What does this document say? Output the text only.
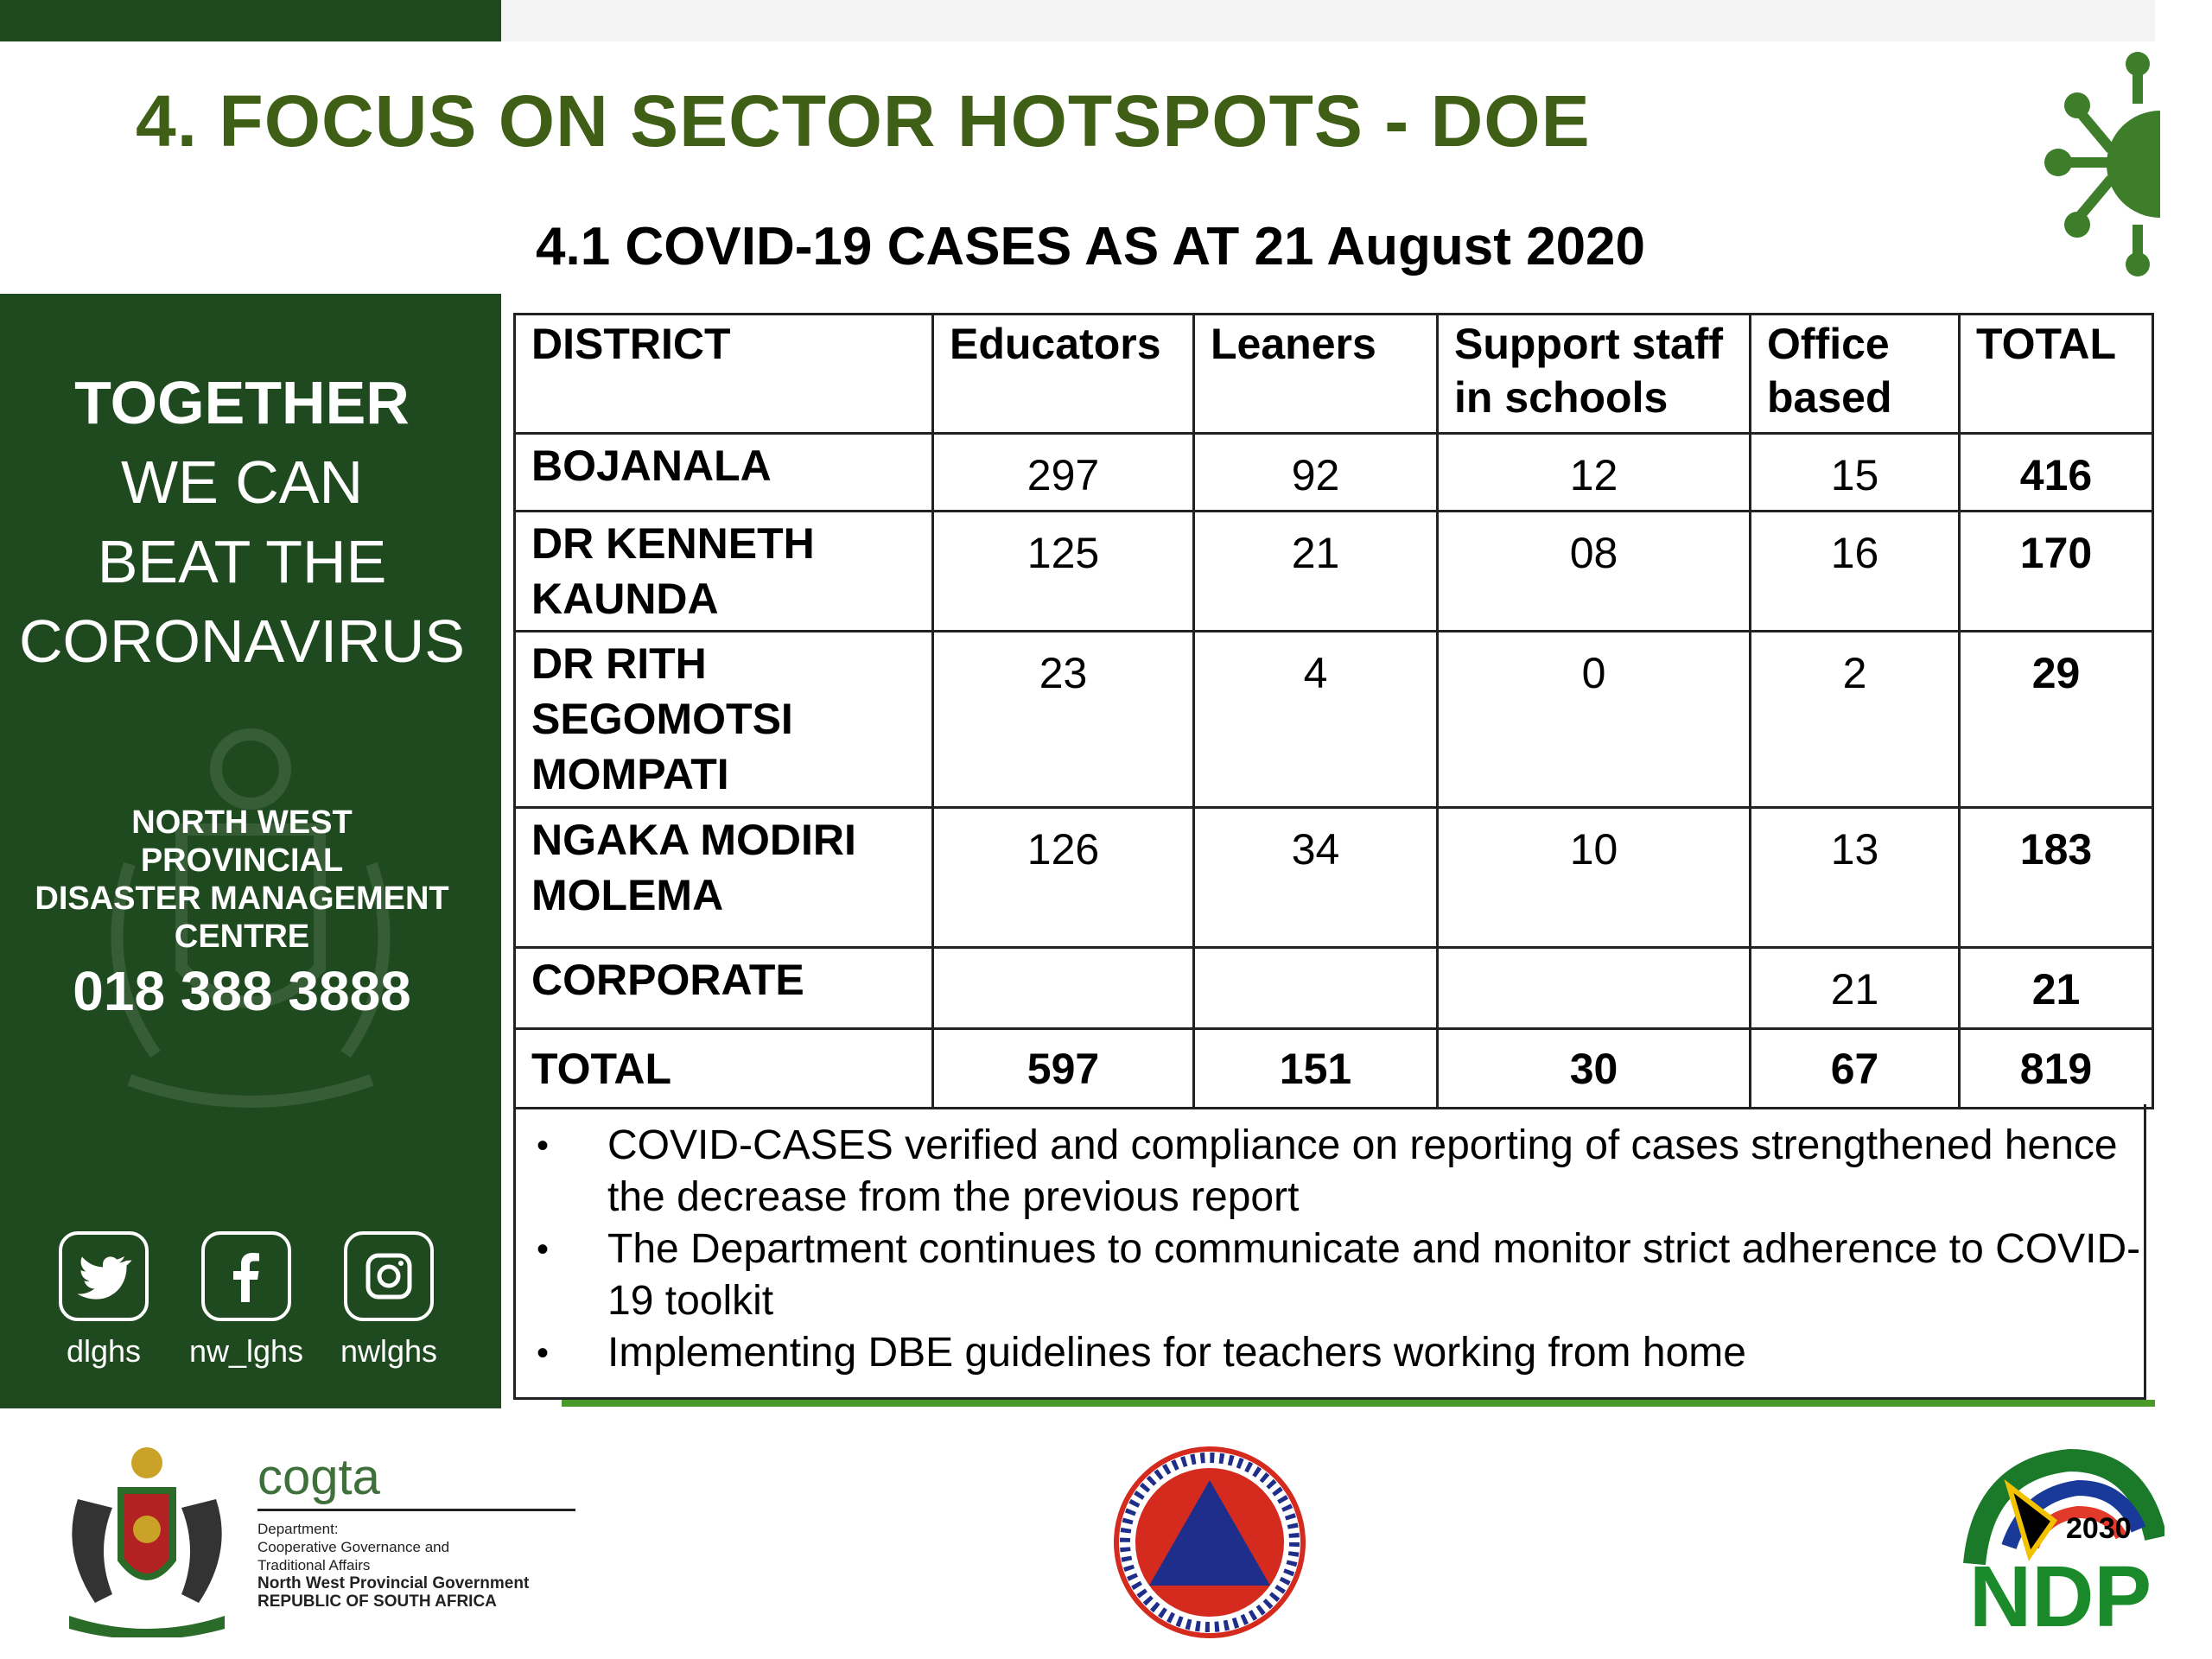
4. FOCUS ON SECTOR HOTSPOTS - DOE
4.1 COVID-19 CASES AS AT 21 August 2020
TOGETHER
WE CAN
BEAT THE
CORONAVIRUS
NORTH WEST
PROVINCIAL
DISASTER MANAGEMENT
CENTRE
018 388 3888
dlghs	nw_lghs	nwlghs
DISTRICT	Educators	Leaners	Support staff in schools	Office based	TOTAL
BOJANALA	297	92	12	15	416
DR KENNETH KAUNDA	125	21	08	16	170
DR RITH SEGOMOTSI MOMPATI	23	4	0	2	29
NGAKA MODIRI MOLEMA	126	34	10	13	183
CORPORATE				21	21
TOTAL	597	151	30	67	819
• COVID-CASES verified and compliance on reporting of cases strengthened hence the decrease from the previous report
• The Department continues to communicate and monitor strict adherence to COVID-19 toolkit
• Implementing DBE guidelines for teachers working from home
cogta
Department:
Cooperative Governance and
Traditional Affairs
North West Provincial Government
REPUBLIC OF SOUTH AFRICA
2030
NDP
